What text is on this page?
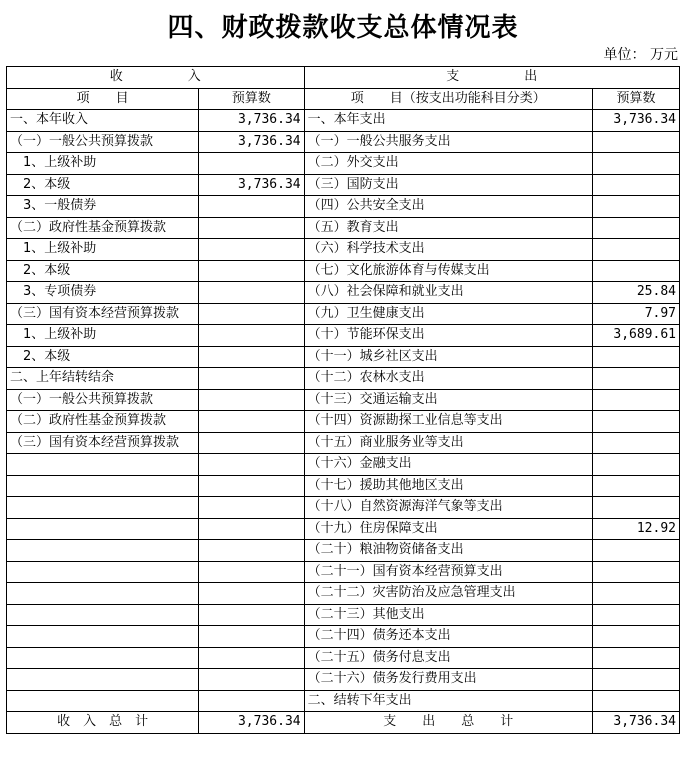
四、财政拨款收支总体情况表
单位： 万元
收　　　　　入		支　　　　　出	
项　　目	预算数	项　　目（按支出功能科目分类）	预算数
一、本年收入	3,736.34	一、本年支出	3,736.34
（一）一般公共预算拨款	3,736.34	（一）一般公共服务支出	
　1、上级补助		（二）外交支出	
　2、本级	3,736.34	（三）国防支出	
　3、一般债券		（四）公共安全支出	
（二）政府性基金预算拨款		（五）教育支出	
　1、上级补助		（六）科学技术支出	
　2、本级		（七）文化旅游体育与传媒支出	
　3、专项债券		（八）社会保障和就业支出	25.84
（三）国有资本经营预算拨款		（九）卫生健康支出	7.97
　1、上级补助		（十）节能环保支出	3,689.61
　2、本级		（十一）城乡社区支出	
二、上年结转结余		（十二）农林水支出	
（一）一般公共预算拨款		（十三）交通运输支出	
（二）政府性基金预算拨款		（十四）资源勘探工业信息等支出	
（三）国有资本经营预算拨款		（十五）商业服务业等支出	
		（十六）金融支出	
		（十七）援助其他地区支出	
		（十八）自然资源海洋气象等支出	
		（十九）住房保障支出	12.92
		（二十）粮油物资储备支出	
		（二十一）国有资本经营预算支出	
		（二十二）灾害防治及应急管理支出	
		（二十三）其他支出	
		（二十四）债务还本支出	
		（二十五）债务付息支出	
		（二十六）债务发行费用支出	
		二、结转下年支出	
收　入　总　计	3,736.34	支　　出　　总　　计	3,736.34
